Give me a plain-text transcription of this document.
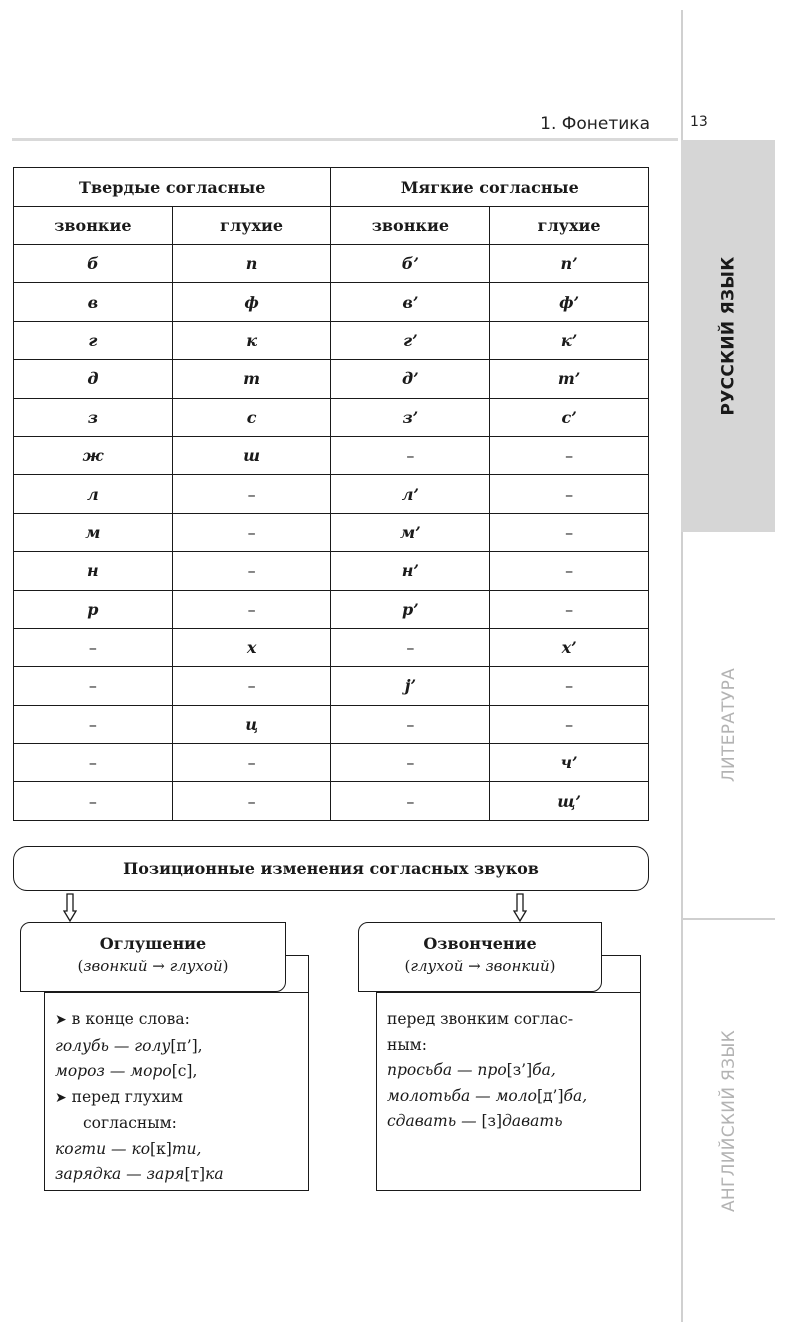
1. Фонетика	13
РУССКИЙ ЯЗЫК
ЛИТЕРАТУРА
АНГЛИЙСКИЙ ЯЗЫК
Твердые согласные		Мягкие согласные	
звонкие	глухие	звонкие	глухие
б	п	б’	п’
в	ф	в’	ф’
г	к	г’	к’
д	т	д’	т’
з	с	з’	с’
ж	ш	–	–
л	–	л’	–
м	–	м’	–
н	–	н’	–
р	–	р’	–
–	х	–	х’
–	–	j’	–
–	ц	–	–
–	–	–	ч’
–	–	–	щ’
Позиционные изменения согласных звуков
➤ в конце слова:
голубь — голу[п’],
мороз — моро[с],
➤ перед глухим
согласным:
когти — ко[к]ти,
зарядка — заря[т]ка
Оглушение
(звонкий → глухой)
перед звонким соглас-
ным:
просьба — про[з’]ба,
молотьба — моло[д’]ба,
сдавать — [з]давать
Озвончение
(глухой → звонкий)
